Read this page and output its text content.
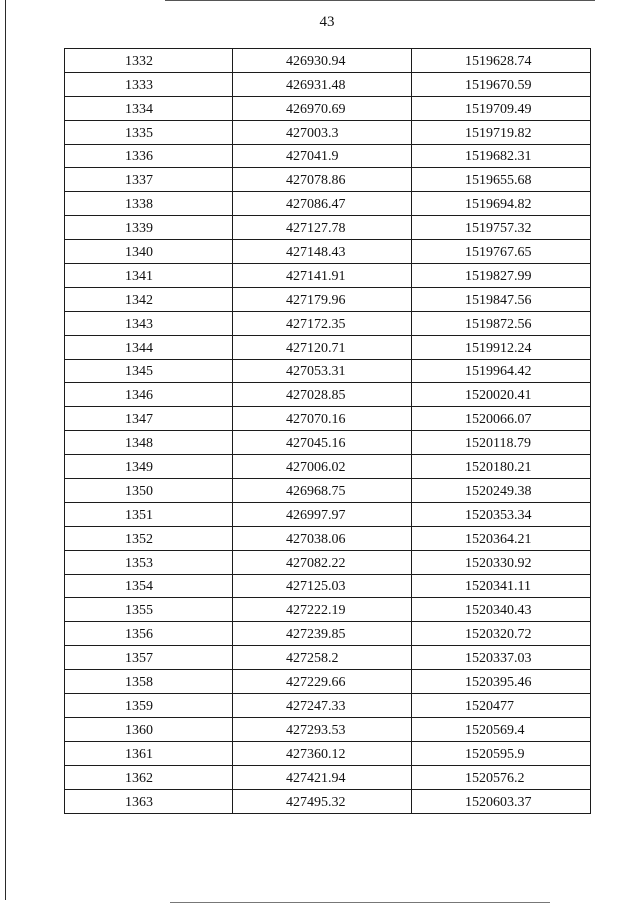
43
1332	426930.94	1519628.74
1333	426931.48	1519670.59
1334	426970.69	1519709.49
1335	427003.3	1519719.82
1336	427041.9	1519682.31
1337	427078.86	1519655.68
1338	427086.47	1519694.82
1339	427127.78	1519757.32
1340	427148.43	1519767.65
1341	427141.91	1519827.99
1342	427179.96	1519847.56
1343	427172.35	1519872.56
1344	427120.71	1519912.24
1345	427053.31	1519964.42
1346	427028.85	1520020.41
1347	427070.16	1520066.07
1348	427045.16	1520118.79
1349	427006.02	1520180.21
1350	426968.75	1520249.38
1351	426997.97	1520353.34
1352	427038.06	1520364.21
1353	427082.22	1520330.92
1354	427125.03	1520341.11
1355	427222.19	1520340.43
1356	427239.85	1520320.72
1357	427258.2	1520337.03
1358	427229.66	1520395.46
1359	427247.33	1520477
1360	427293.53	1520569.4
1361	427360.12	1520595.9
1362	427421.94	1520576.2
1363	427495.32	1520603.37
